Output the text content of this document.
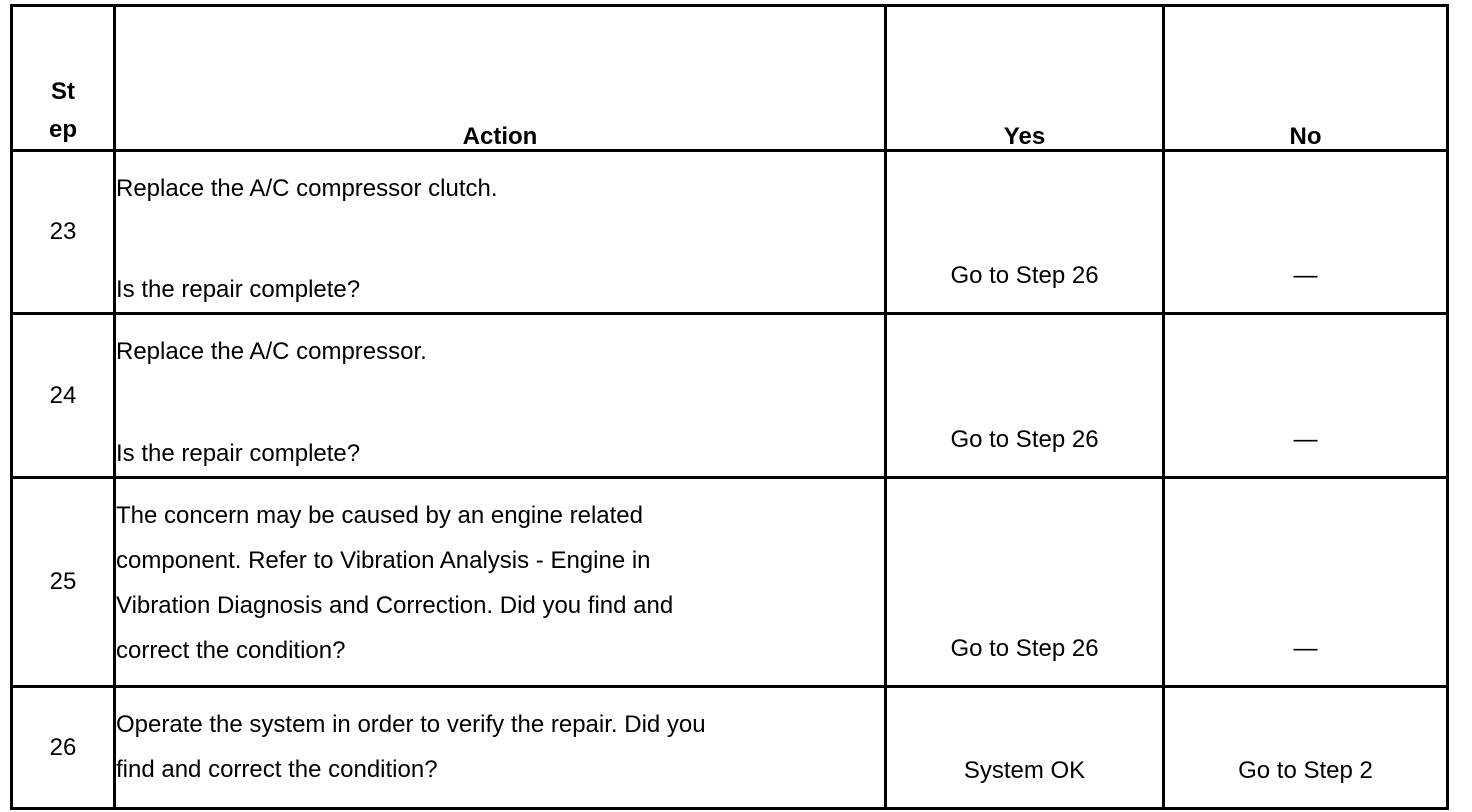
St
ep	Action	Yes	No
23	Replace the A/C compressor clutch.
Is the repair complete?	Go to Step 26	—

24	Replace the A/C compressor.
Is the repair complete?	Go to Step 26	—

25	The concern may be caused by an engine related
component. Refer to Vibration Analysis - Engine in
Vibration Diagnosis and Correction. Did you find and
correct the condition?	Go to Step 26	—

26	Operate the system in order to verify the repair. Did you
find and correct the condition?	System OK	Go to Step 2
